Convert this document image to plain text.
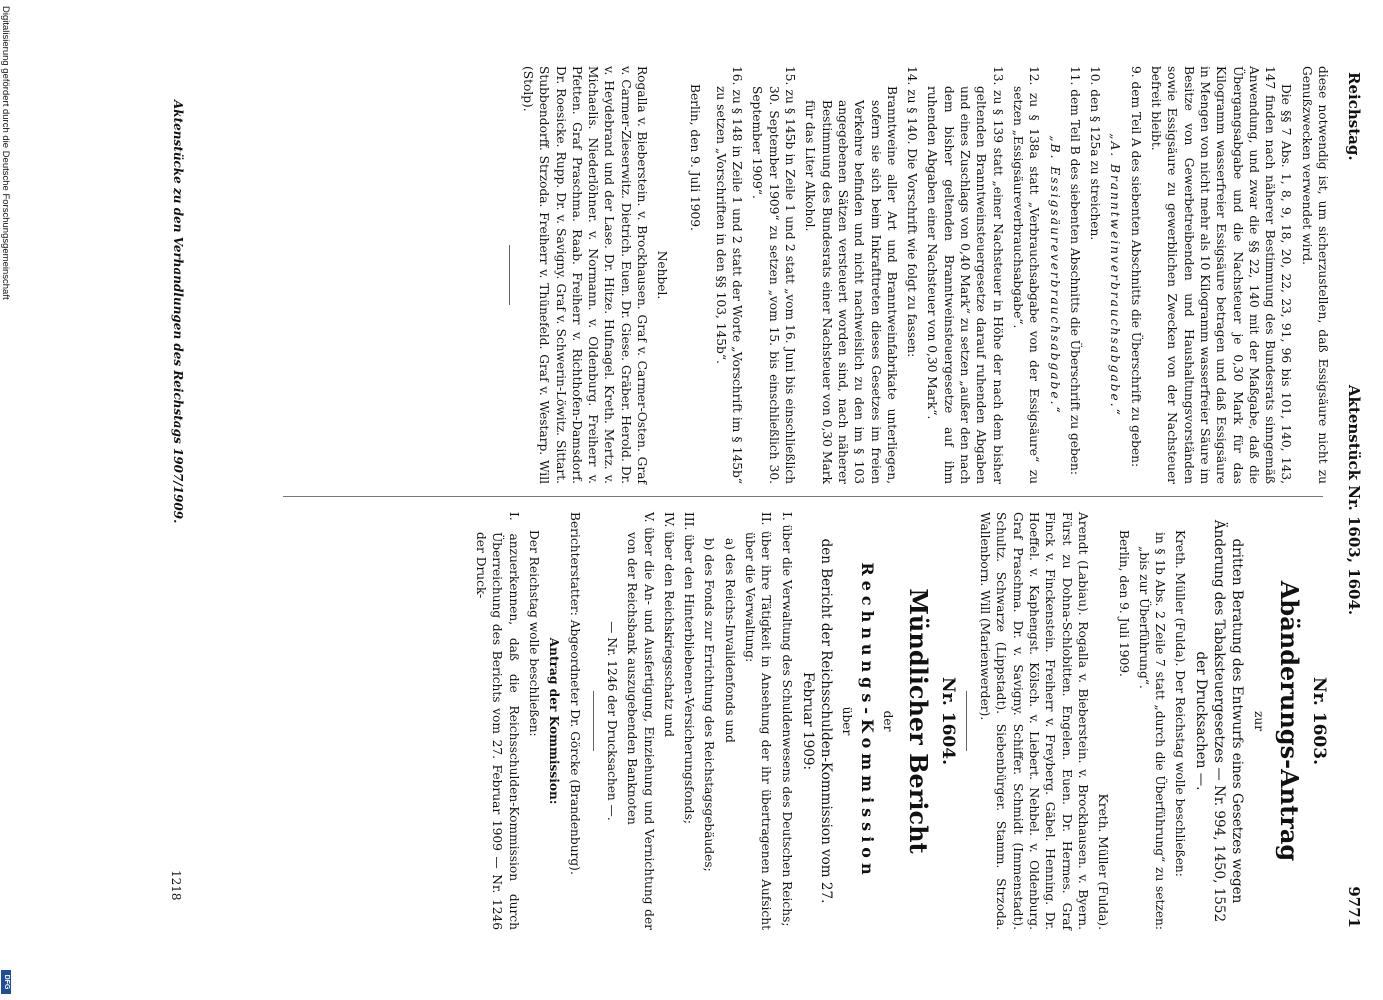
Reichstag.
Aktenstück Nr. 1603, 1604.
9771

diese notwendig ist, um sicherzustellen, daß Essigsäure nicht zu Genußzwecken verwendet wird.

Die §§ 7 Abs. 1, 8, 9, 18, 20, 22, 23, 91, 96 bis 101, 140, 143, 147 finden nach näherer Bestimmung des Bundesrats sinngemäß Anwendung, und zwar die §§ 22, 140 mit der Maßgabe, daß die Übergangsabgabe und die Nachsteuer je 0,30 Mark für das Kilogramm wasserfreier Essigsäure betragen und daß Essigsäure in Mengen von nicht mehr als 10 Kilogramm wasserfreier Säure im Besitze von Gewerbetreibenden und Haushaltungsvorständen sowie Essigsäure zu gewerblichen Zwecken von der Nachsteuer befreit bleibt.

9. dem Teil A des siebenten Abschnitts die Überschrift zu geben:

„A. Branntweinverbrauchsabgabe.“

10. den § 125a zu streichen.

11. dem Teil B des siebenten Abschnitts die Überschrift zu geben:

„B. Essigsäureverbrauchsabgabe.“

12. zu § 138a statt „Verbrauchsabgabe von der Essigsäure“ zu setzen „Essigsäureverbrauchsabgabe“.

13. zu § 139 statt „einer Nachsteuer in Höhe der nach dem bisher geltenden Branntweinsteuergesetze darauf ruhenden Abgaben und eines Zuschlags von 0,40 Mark“ zu setzen „außer den nach dem bisher geltenden Branntweinsteuergesetze auf ihm ruhenden Abgaben einer Nachsteuer von 0,30 Mark“.

14. zu § 140. Die Vorschrift wie folgt zu fassen:

Branntweine aller Art und Branntweinfabrikate unterliegen, sofern sie sich beim Inkrafttreten dieses Gesetzes im freien Verkehre befinden und nicht nachweislich zu den im § 103 angegebenen Sätzen versteuert worden sind, nach näherer Bestimmung des Bundesrats einer Nachsteuer von 0,30 Mark für das Liter Alkohol.

15. zu § 145b in Zeile 1 und 2 statt „vom 16. Juni bis einschließlich 30. September 1909“ zu setzen „vom 15. bis einschließlich 30. September 1909“.

16. zu § 148 in Zeile 1 und 2 statt der Worte „Vorschrift im § 145b“ zu setzen „Vorschriften in den §§ 103, 145b“.

Berlin, den 9. Juli 1909.

Nehbel.

Rogalla v. Bieberstein. v. Brockhausen. Graf v. Carmer-Osten. Graf v. Carmer-Zieserwitz. Dietrich. Euen. Dr. Giese. Gräber. Herold. Dr. v. Heydebrand und der Lase. Dr. Hitze. Hufnagel. Kreth. Mertz. v. Michaelis. Niederlöhner. v. Normann. v. Oldenburg. Freiherr v. Pfetten. Graf Praschma. Raab. Freiherr v. Richthofen-Damsdorf. Dr. Roesicke. Rupp. Dr. v. Savigny. Graf v. Schwerin-Löwitz. Sittart. Stubbendorff. Strzoda. Freiherr v. Thünefeld. Graf v. Westarp. Will (Stolp).

Nr. 1603.
Abänderungs-Antrag

zur

dritten Beratung des Entwurfs eines Gesetzes wegen Änderung des Tabaksteuergesetzes — Nr. 994, 1450, 1552 der Drucksachen —.

Kreth. Müller (Fulda). Der Reichstag wolle beschließen:

in § 1b Abs. 2 Zeile 7 statt „durch die Überführung“ zu setzen: „bis zur Überführung“.

Berlin, den 9. Juli 1909.

Kreth. Müller (Fulda).

Arendt (Labiau). Rogalla v. Bieberstein. v. Brockhausen. v. Byern. Fürst zu Dohna-Schlobitten. Engelen. Euen. Dr. Hermes. Graf Finck v. Finckenstein. Freiherr v. Freyberg. Gäbel. Henning. Dr. Hoeffel. v. Kaphengst. Kölsch. v. Liebert. Nehbel. v. Oldenburg. Graf Praschma. Dr. v. Savigny. Schiffer. Schmidt (Immenstadt). Schultz. Schwarze (Lippstadt). Siebenbürger. Stamm. Strzoda. Wallenborn. Will (Marienwerder).

Nr. 1604.
Mündlicher Bericht

der

Rechnungs-Kommission

über

den Bericht der Reichsschulden-Kommission vom 27. Februar 1909:

I. über die Verwaltung des Schuldenwesens des Deutschen Reichs;

II. über ihre Tätigkeit in Ansehung der ihr übertragenen Aufsicht über die Verwaltung:

a) des Reichs-Invalidenfonds und

b) des Fonds zur Errichtung des Reichstagsgebäudes;

III. über den Hinterbliebenen-Versicherungsfonds;

IV. über den Reichskriegsschatz und

V. über die An- und Ausfertigung, Einziehung und Vernichtung der von der Reichsbank auszugebenden Banknoten

— Nr. 1246 der Drucksachen —.

Berichterstatter: Abgeordneter Dr. Görcke (Brandenburg).

Antrag der Kommission:

Der Reichstag wolle beschließen:

I. anzuerkennen, daß die Reichsschulden-Kommission durch Überreichung des Berichts vom 27. Februar 1909 — Nr. 1246 der Druck-

Aktenstücke zu den Verhandlungen des Reichstags 1907/1909.
1218
Digitalisierung gefördert durch die Deutsche Forschungsgemeinschaft
DFG
